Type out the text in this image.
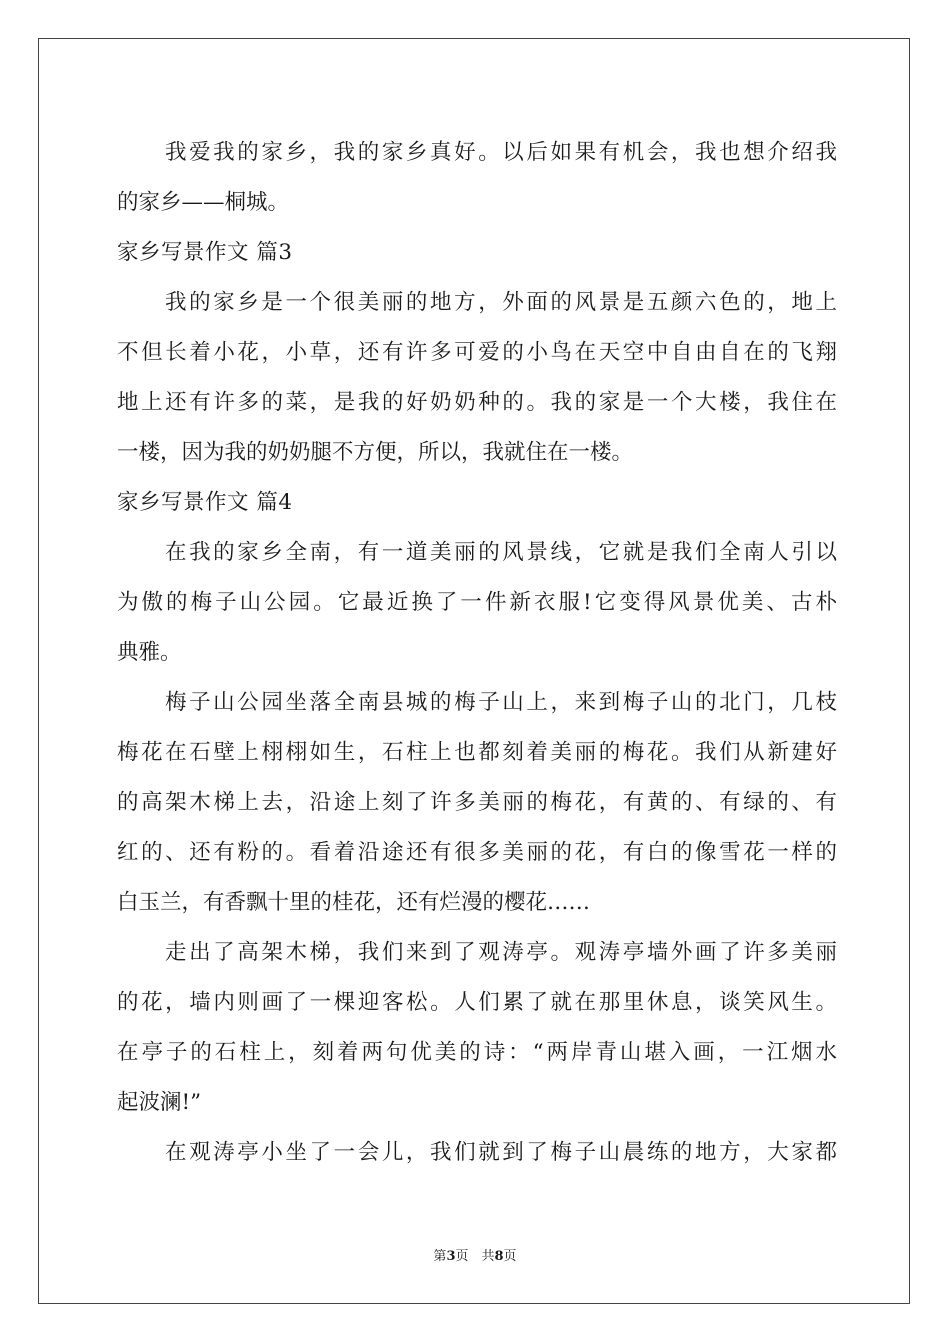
我爱我的家乡，我的家乡真好。以后如果有机会，我也想介绍我
的家乡——桐城。
家乡写景作文 篇3
我的家乡是一个很美丽的地方，外面的风景是五颜六色的，地上
不但长着小花，小草，还有许多可爱的小鸟在天空中自由自在的飞翔
地上还有许多的菜，是我的好奶奶种的。我的家是一个大楼，我住在
一楼，因为我的奶奶腿不方便，所以，我就住在一楼。
家乡写景作文 篇4
在我的家乡全南，有一道美丽的风景线，它就是我们全南人引以
为傲的梅子山公园。它最近换了一件新衣服!它变得风景优美、古朴
典雅。
梅子山公园坐落全南县城的梅子山上，来到梅子山的北门，几枝
梅花在石壁上栩栩如生，石柱上也都刻着美丽的梅花。我们从新建好
的高架木梯上去，沿途上刻了许多美丽的梅花，有黄的、有绿的、有
红的、还有粉的。看着沿途还有很多美丽的花，有白的像雪花一样的
白玉兰，有香飘十里的桂花，还有烂漫的樱花……
走出了高架木梯，我们来到了观涛亭。观涛亭墙外画了许多美丽
的花，墙内则画了一棵迎客松。人们累了就在那里休息，谈笑风生。
在亭子的石柱上，刻着两句优美的诗：“两岸青山堪入画，一江烟水
起波澜!”
在观涛亭小坐了一会儿，我们就到了梅子山晨练的地方，大家都
第3页　共8页
